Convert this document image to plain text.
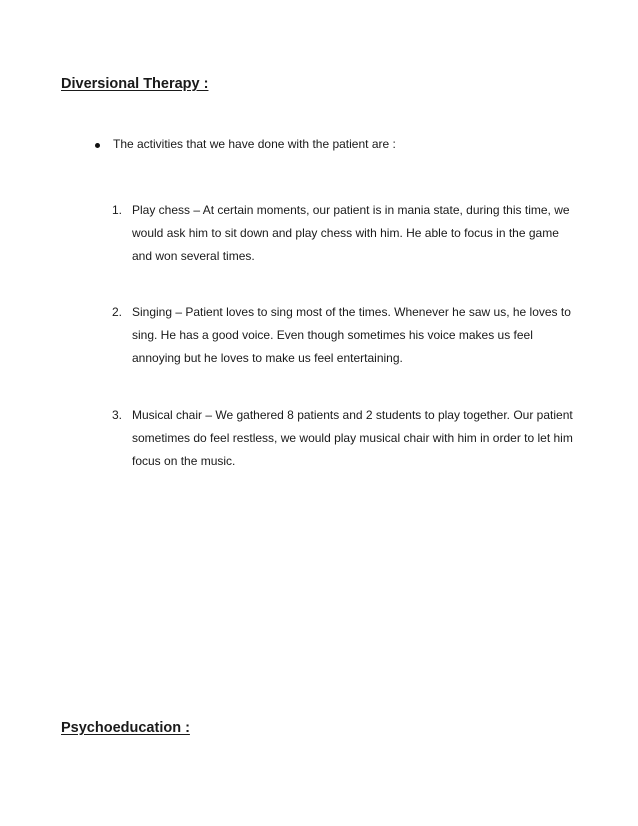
Diversional Therapy :
The activities that we have done with the patient are :
1. Play chess – At certain moments, our patient is in mania state, during this time, we would ask him to sit down and play chess with him. He able to focus in the game and won several times.
2. Singing – Patient loves to sing most of the times. Whenever he saw us, he loves to sing. He has a good voice. Even though sometimes his voice makes us feel annoying but he loves to make us feel entertaining.
3. Musical chair – We gathered 8 patients and 2 students to play together. Our patient sometimes do feel restless, we would play musical chair with him in order to let him focus on the music.
Psychoeducation :
